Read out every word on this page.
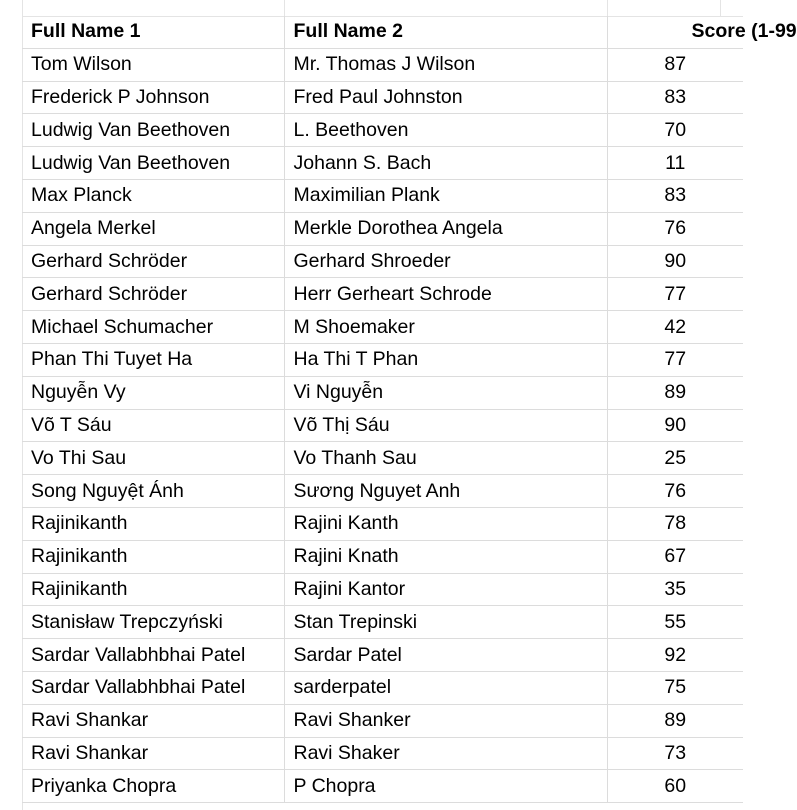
Full Name 1	Full Name 2	Score (1-99
Tom Wilson	Mr. Thomas J Wilson	87
Frederick P Johnson	Fred Paul Johnston	83
Ludwig Van Beethoven	L. Beethoven	70
Ludwig Van Beethoven	Johann S. Bach	11
Max Planck	Maximilian Plank	83
Angela Merkel	Merkle Dorothea Angela	76
Gerhard Schröder	Gerhard Shroeder	90
Gerhard Schröder	Herr Gerheart Schrode	77
Michael Schumacher	M Shoemaker	42
Phan Thi Tuyet Ha	Ha Thi T Phan	77
Nguyễn Vy	Vi Nguyễn	89
Võ T Sáu	Võ Thị Sáu	90
Vo Thi Sau	Vo Thanh Sau	25
Song Nguyệt Ánh	Sương Nguyet Anh	76
Rajinikanth	Rajini Kanth	78
Rajinikanth	Rajini Knath	67
Rajinikanth	Rajini Kantor	35
Stanisław Trepczyński	Stan Trepinski	55
Sardar Vallabhbhai Patel	Sardar Patel	92
Sardar Vallabhbhai Patel	sarderpatel	75
Ravi Shankar	Ravi Shanker	89
Ravi Shankar	Ravi Shaker	73
Priyanka Chopra	P Chopra	60
